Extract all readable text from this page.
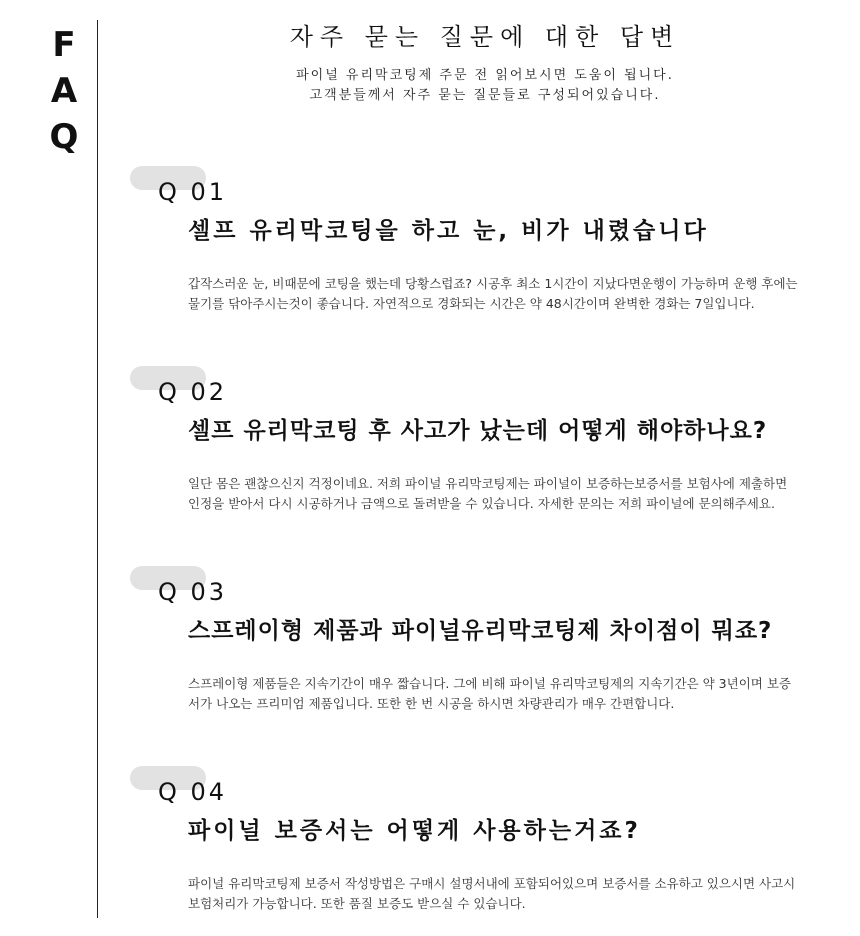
F
A
Q
자주 묻는 질문에 대한 답변
파이널 유리막코팅제 주문 전 읽어보시면 도움이 됩니다.
고객분들께서 자주 묻는 질문들로 구성되어있습니다.
Q 01
셀프 유리막코팅을 하고 눈, 비가 내렸습니다
갑작스러운 눈, 비때문에 코팅을 했는데 당황스럽죠? 시공후 최소 1시간이 지났다면운행이 가능하며 운행 후에는 물기를 닦아주시는것이 좋습니다. 자연적으로 경화되는 시간은 약 48시간이며 완벽한 경화는 7일입니다.
Q 02
셀프 유리막코팅 후 사고가 났는데 어떻게 해야하나요?
일단 몸은 괜찮으신지 걱정이네요. 저희 파이널 유리막코팅제는 파이널이 보증하는보증서를 보험사에 제출하면 인정을 받아서 다시 시공하거나 금액으로 돌려받을 수 있습니다. 자세한 문의는 저희 파이널에 문의해주세요.
Q 03
스프레이형 제품과 파이널유리막코팅제 차이점이 뭐죠?
스프레이형 제품들은 지속기간이 매우 짧습니다. 그에 비해 파이널 유리막코팅제의 지속기간은 약 3년이며 보증서가 나오는 프리미엄 제품입니다. 또한 한 번 시공을 하시면 차량관리가 매우 간편합니다.
Q 04
파이널 보증서는 어떻게 사용하는거죠?
파이널 유리막코팅제 보증서 작성방법은 구매시 설명서내에 포함되어있으며 보증서를 소유하고 있으시면 사고시 보험처리가 가능합니다. 또한 품질 보증도 받으실 수 있습니다.
